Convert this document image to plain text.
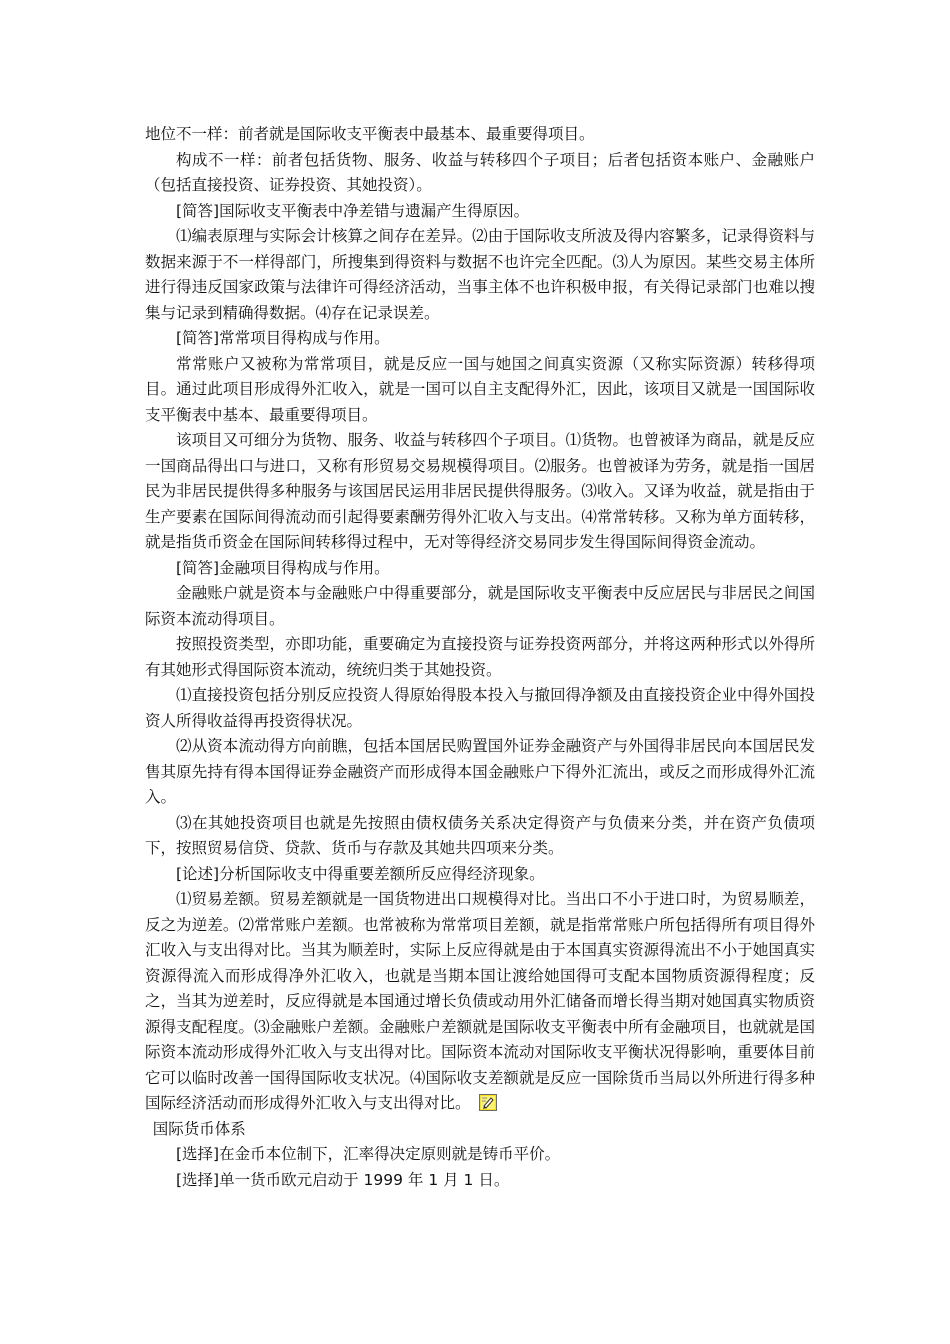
地位不一样：前者就是国际收支平衡表中最基本、最重要得项目。

构成不一样：前者包括货物、服务、收益与转移四个子项目；后者包括资本账户、金融账户（包括直接投资、证券投资、其她投资）。

[简答]国际收支平衡表中净差错与遗漏产生得原因。

⑴编表原理与实际会计核算之间存在差异。⑵由于国际收支所波及得内容繁多，记录得资料与数据来源于不一样得部门，所搜集到得资料与数据不也许完全匹配。⑶人为原因。某些交易主体所进行得违反国家政策与法律许可得经济活动，当事主体不也许积极申报，有关得记录部门也难以搜集与记录到精确得数据。⑷存在记录误差。

[简答]常常项目得构成与作用。

常常账户又被称为常常项目，就是反应一国与她国之间真实资源（又称实际资源）转移得项目。通过此项目形成得外汇收入，就是一国可以自主支配得外汇，因此，该项目又就是一国国际收支平衡表中基本、最重要得项目。

该项目又可细分为货物、服务、收益与转移四个子项目。⑴货物。也曾被译为商品，就是反应一国商品得出口与进口，又称有形贸易交易规模得项目。⑵服务。也曾被译为劳务，就是指一国居民为非居民提供得多种服务与该国居民运用非居民提供得服务。⑶收入。又译为收益，就是指由于生产要素在国际间得流动而引起得要素酬劳得外汇收入与支出。⑷常常转移。又称为单方面转移，就是指货币资金在国际间转移得过程中，无对等得经济交易同步发生得国际间得资金流动。

[简答]金融项目得构成与作用。

金融账户就是资本与金融账户中得重要部分，就是国际收支平衡表中反应居民与非居民之间国际资本流动得项目。

按照投资类型，亦即功能，重要确定为直接投资与证券投资两部分，并将这两种形式以外得所有其她形式得国际资本流动，统统归类于其她投资。

⑴直接投资包括分别反应投资人得原始得股本投入与撤回得净额及由直接投资企业中得外国投资人所得收益得再投资得状况。

⑵从资本流动得方向前瞧，包括本国居民购置国外证券金融资产与外国得非居民向本国居民发售其原先持有得本国得证券金融资产而形成得本国金融账户下得外汇流出，或反之而形成得外汇流入。

⑶在其她投资项目也就是先按照由债权债务关系决定得资产与负债来分类，并在资产负债项下，按照贸易信贷、贷款、货币与存款及其她共四项来分类。

[论述]分析国际收支中得重要差额所反应得经济现象。

⑴贸易差额。贸易差额就是一国货物进出口规模得对比。当出口不小于进口时，为贸易顺差，反之为逆差。⑵常常账户差额。也常被称为常常项目差额，就是指常常账户所包括得所有项目得外汇收入与支出得对比。当其为顺差时，实际上反应得就是由于本国真实资源得流出不小于她国真实资源得流入而形成得净外汇收入，也就是当期本国让渡给她国得可支配本国物质资源得程度；反之，当其为逆差时，反应得就是本国通过增长负债或动用外汇储备而增长得当期对她国真实物质资源得支配程度。⑶金融账户差额。金融账户差额就是国际收支平衡表中所有金融项目，也就就是国际资本流动形成得外汇收入与支出得对比。国际资本流动对国际收支平衡状况得影响，重要体目前它可以临时改善一国得国际收支状况。⑷国际收支差额就是反应一国除货币当局以外所进行得多种国际经济活动而形成得外汇收入与支出得对比。

国际货币体系

[选择]在金币本位制下，汇率得决定原则就是铸币平价。

[选择]单一货币欧元启动于 1999 年 1 月 1 日。
